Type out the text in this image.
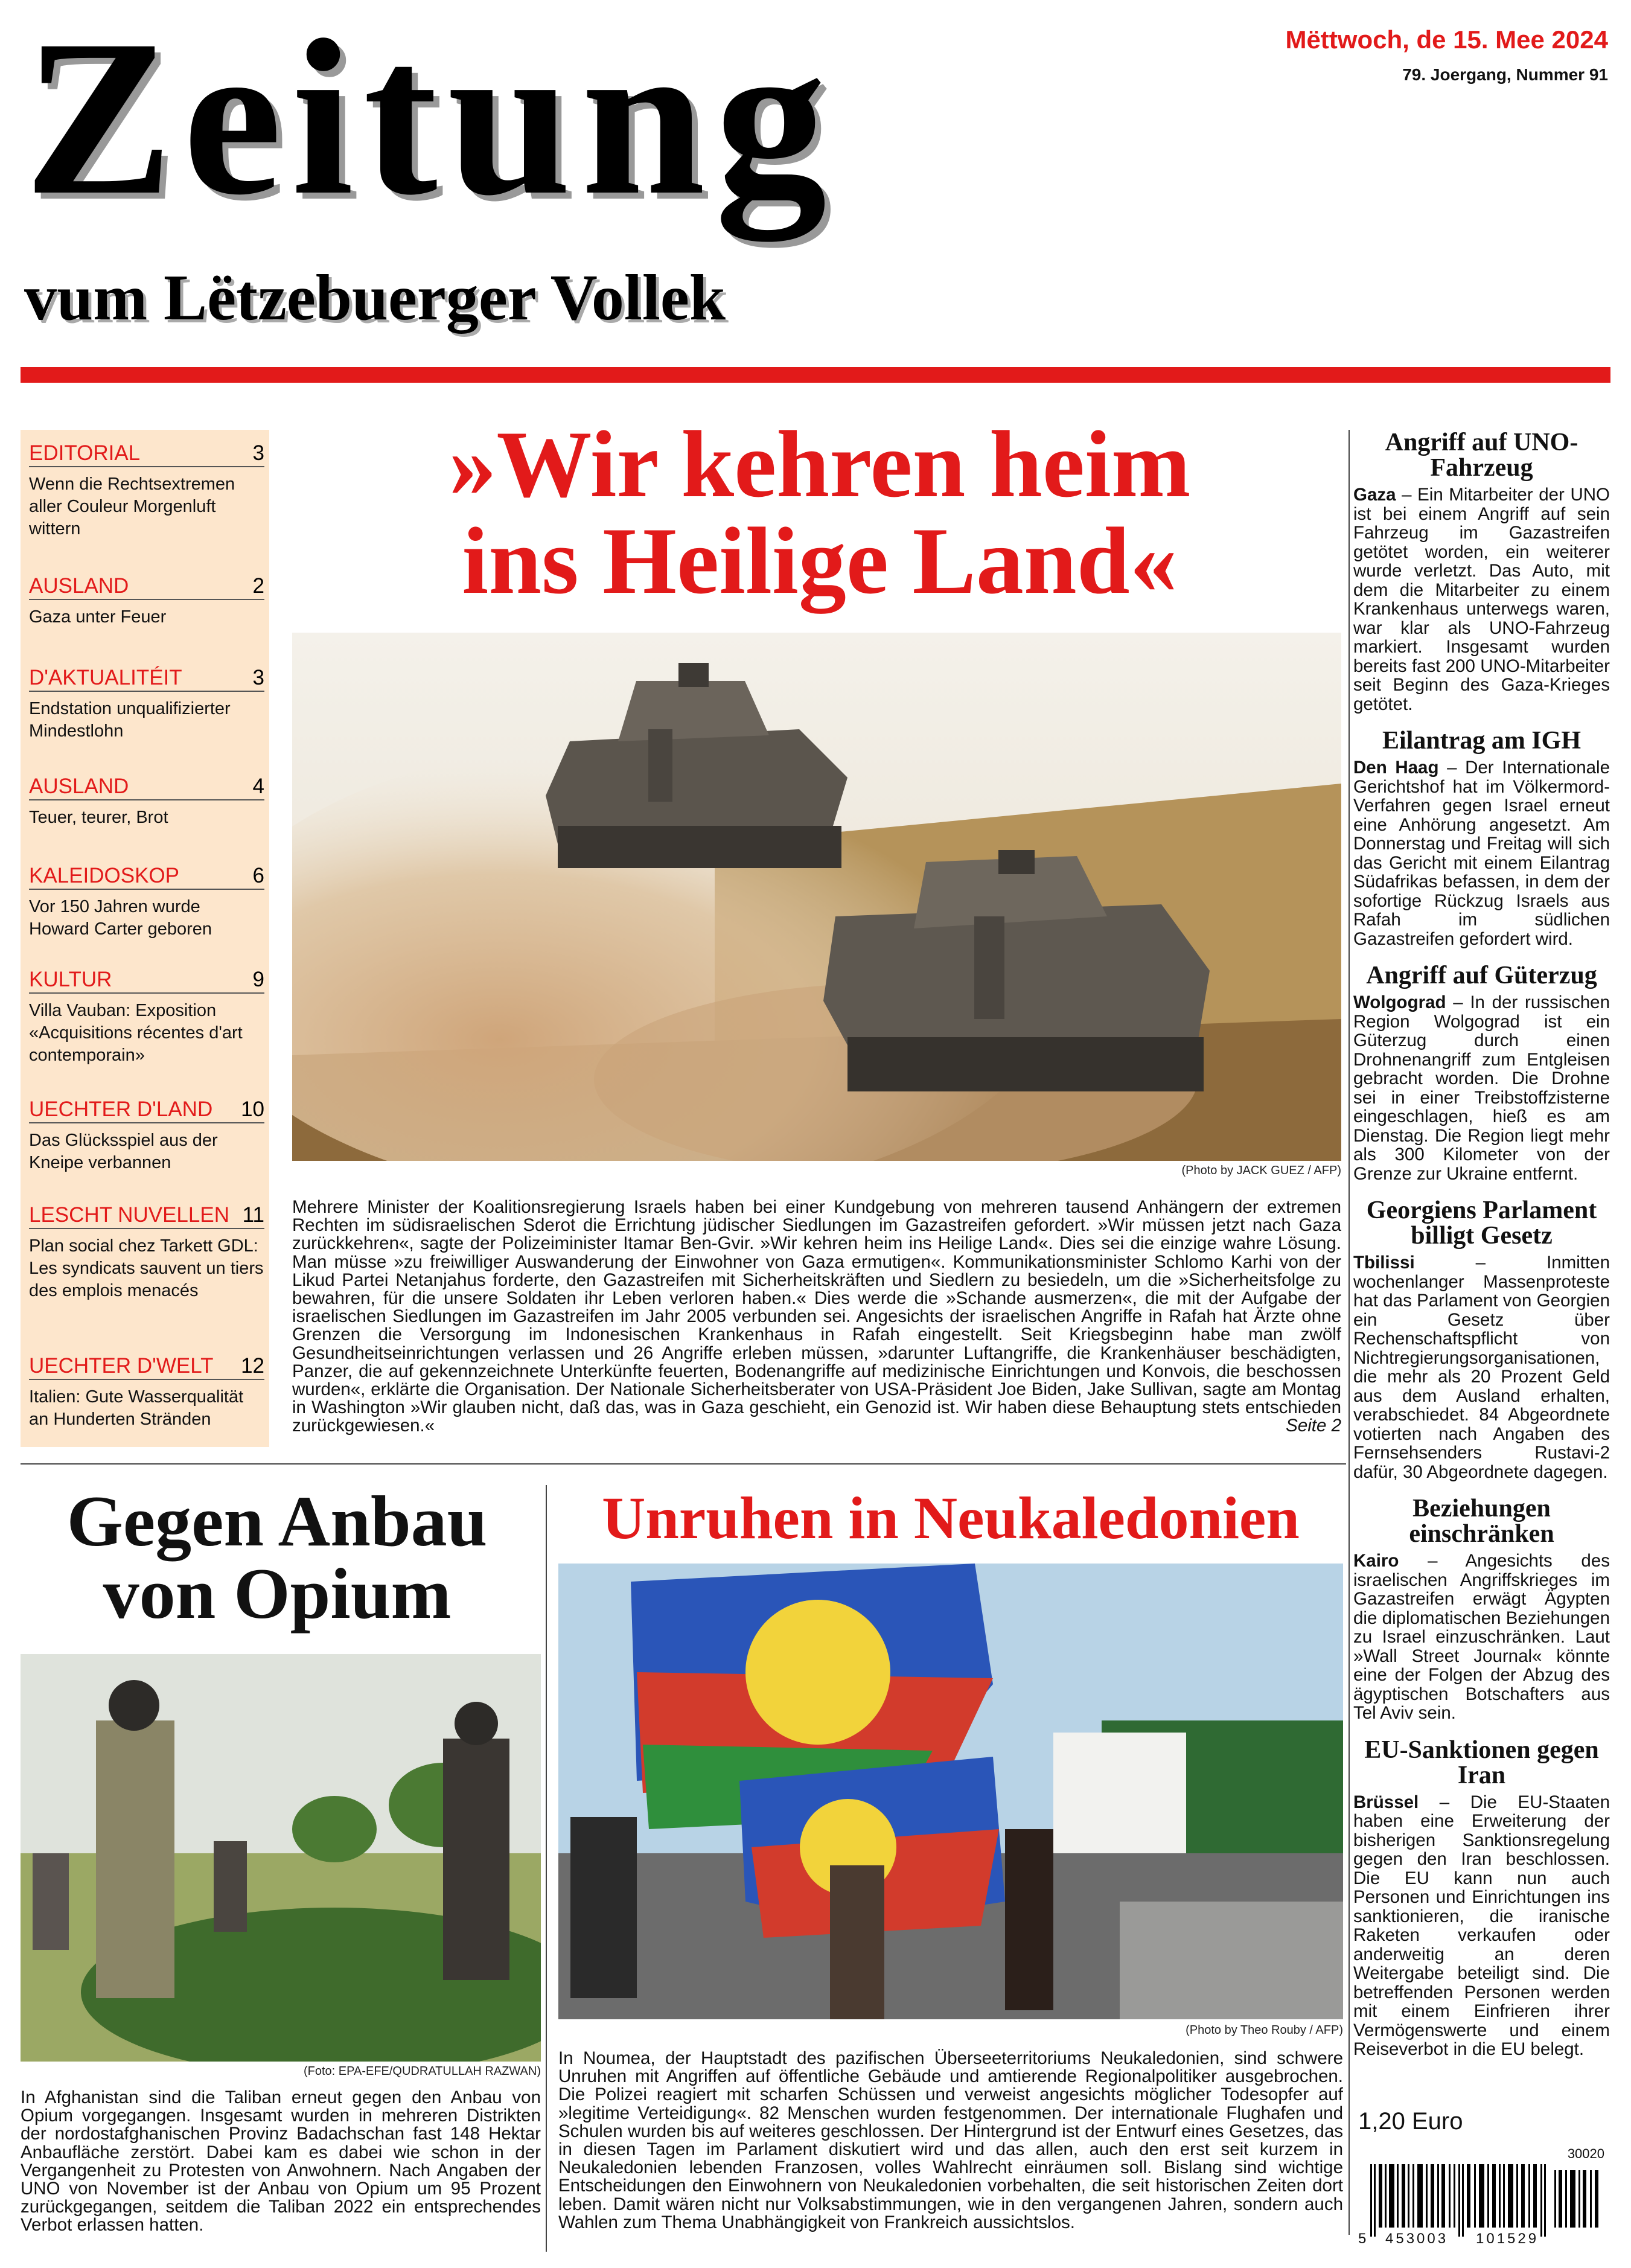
Zeitung
vum Lëtzebuerger Vollek
Mëttwoch, de 15. Mee 2024
79. Joergang, Nummer 91
EDITORIAL	3
Wenn die Rechtsextremen aller Couleur Morgenluft wittern
AUSLAND	2
Gaza unter Feuer
D'AKTUALITÉIT	3
Endstation unqualifizierter Mindestlohn
AUSLAND	4
Teuer, teurer, Brot
KALEIDOSKOP	6
Vor 150 Jahren wurde Howard Carter geboren
KULTUR	9
Villa Vauban: Exposition «Acquisitions récentes d'art contemporain»
UECHTER D'LAND 10
Das Glücksspiel aus der Kneipe verbannen
LESCHT NUVELLEN 11
Plan social chez Tarkett GDL: Les syndicats sauvent un tiers des emplois menacés
UECHTER D'WELT 12
Italien: Gute Wasserqualität an Hunderten Stränden
»Wir kehren heim
ins Heilige Land«
(Photo by JACK GUEZ / AFP)
Mehrere Minister der Koalitionsregierung Israels haben bei einer Kundgebung von mehreren tausend Anhängern der extremen Rechten im südisraelischen Sderot die Errichtung jüdischer Siedlungen im Gazastreifen gefordert. »Wir müssen jetzt nach Gaza zurückkehren«, sagte der Polizeiminister Itamar Ben-Gvir. »Wir kehren heim ins Heilige Land«. Dies sei die einzige wahre Lösung. Man müsse »zu freiwilliger Auswanderung der Einwohner von Gaza ermutigen«. Kommunikationsminister Schlomo Karhi von der Likud Partei Netanjahus forderte, den Gazastreifen mit Sicherheitskräften und Siedlern zu besiedeln, um die »Sicherheitsfolge zu bewahren, für die unsere Soldaten ihr Leben verloren haben.« Dies werde die »Schande ausmerzen«, die mit der Aufgabe der israelischen Siedlungen im Gazastreifen im Jahr 2005 verbunden sei. Angesichts der israelischen Angriffe in Rafah hat Ärzte ohne Grenzen die Versorgung im Indonesischen Krankenhaus in Rafah eingestellt. Seit Kriegsbeginn habe man zwölf Gesundheitseinrichtungen verlassen und 26 Angriffe erleben müssen, »darunter Luftangriffe, die Krankenhäuser beschädigten, Panzer, die auf gekennzeichnete Unterkünfte feuerten, Bodenangriffe auf medizinische Einrichtungen und Konvois, die beschossen wurden«, erklärte die Organisation. Der Nationale Sicherheitsberater von USA-Präsident Joe Biden, Jake Sullivan, sagte am Montag in Washington »Wir glauben nicht, daß das, was in Gaza geschieht, ein Genozid ist. Wir haben diese Behauptung stets entschieden zurückgewiesen.«	Seite 2
Angriff auf UNO-Fahrzeug
Gaza – Ein Mitarbeiter der UNO ist bei einem Angriff auf sein Fahrzeug im Gazastreifen getötet worden, ein weiterer wurde verletzt. Das Auto, mit dem die Mitarbeiter zu einem Krankenhaus unterwegs waren, war klar als UNO-Fahrzeug markiert. Insgesamt wurden bereits fast 200 UNO-Mitarbeiter seit Beginn des Gaza-Krieges getötet.
Eilantrag am IGH
Den Haag – Der Internationale Gerichtshof hat im Völkermord-Verfahren gegen Israel erneut eine Anhörung angesetzt. Am Donnerstag und Freitag will sich das Gericht mit einem Eilantrag Südafrikas befassen, in dem der sofortige Rückzug Israels aus Rafah im südlichen Gazastreifen gefordert wird.
Angriff auf Güterzug
Wolgograd – In der russischen Region Wolgograd ist ein Güterzug durch einen Drohnenangriff zum Entgleisen gebracht worden. Die Drohne sei in einer Treibstoffzisterne eingeschlagen, hieß es am Dienstag. Die Region liegt mehr als 300 Kilometer von der Grenze zur Ukraine entfernt.
Georgiens Parlament billigt Gesetz
Tbilissi – Inmitten wochenlanger Massenproteste hat das Parlament von Georgien ein Gesetz über Rechenschaftspflicht von Nichtregierungsorganisationen, die mehr als 20 Prozent Geld aus dem Ausland erhalten, verabschiedet. 84 Abgeordnete votierten nach Angaben des Fernsehsenders Rustavi-2 dafür, 30 Abgeordnete dagegen.
Beziehungen einschränken
Kairo – Angesichts des israelischen Angriffskrieges im Gazastreifen erwägt Ägypten die diplomatischen Beziehungen zu Israel einzuschränken. Laut »Wall Street Journal« könnte eine der Folgen der Abzug des ägyptischen Botschafters aus Tel Aviv sein.
EU-Sanktionen gegen Iran
Brüssel – Die EU-Staaten haben eine Erweiterung der bisherigen Sanktionsregelung gegen den Iran beschlossen. Die EU kann nun auch Personen und Einrichtungen ins sanktionieren, die iranische Raketen verkaufen oder anderweitig an deren Weitergabe beteiligt sind. Die betreffenden Personen werden mit einem Einfrieren ihrer Vermögenswerte und einem Reiseverbot in die EU belegt.
Gegen Anbau
von Opium
(Foto: EPA-EFE/QUDRATULLAH RAZWAN)
In Afghanistan sind die Taliban erneut gegen den Anbau von Opium vorgegangen. Insgesamt wurden in mehreren Distrikten der nordostafghanischen Provinz Badachschan fast 148 Hektar Anbaufläche zerstört. Dabei kam es dabei wie schon in der Vergangenheit zu Protesten von Anwohnern. Nach Angaben der UNO von November ist der Anbau von Opium um 95 Prozent zurückgegangen, seitdem die Taliban 2022 ein entsprechendes Verbot erlassen hatten.
Unruhen in Neukaledonien
(Photo by Theo Rouby / AFP)
In Noumea, der Hauptstadt des pazifischen Überseeterritoriums Neukaledonien, sind schwere Unruhen mit Angriffen auf öffentliche Gebäude und amtierende Regionalpolitiker ausgebrochen. Die Polizei reagiert mit scharfen Schüssen und verweist angesichts möglicher Todesopfer auf »legitime Verteidigung«. 82 Menschen wurden festgenommen. Der internationale Flughafen und Schulen wurden bis auf weiteres geschlossen. Der Hintergrund ist der Entwurf eines Gesetzes, das in diesen Tagen im Parlament diskutiert wird und das allen, auch den erst seit kurzem in Neukaledonien lebenden Franzosen, volles Wahlrecht einräumen soll. Bislang sind wichtige Entscheidungen den Einwohnern von Neukaledonien vorbehalten, die seit historischen Zeiten dort leben. Damit wären nicht nur Volksabstimmungen, wie in den vergangenen Jahren, sondern auch Wahlen zum Thema Unabhängigkeit von Frankreich aussichtslos.
1,20 Euro
30020
5 453003 101529
